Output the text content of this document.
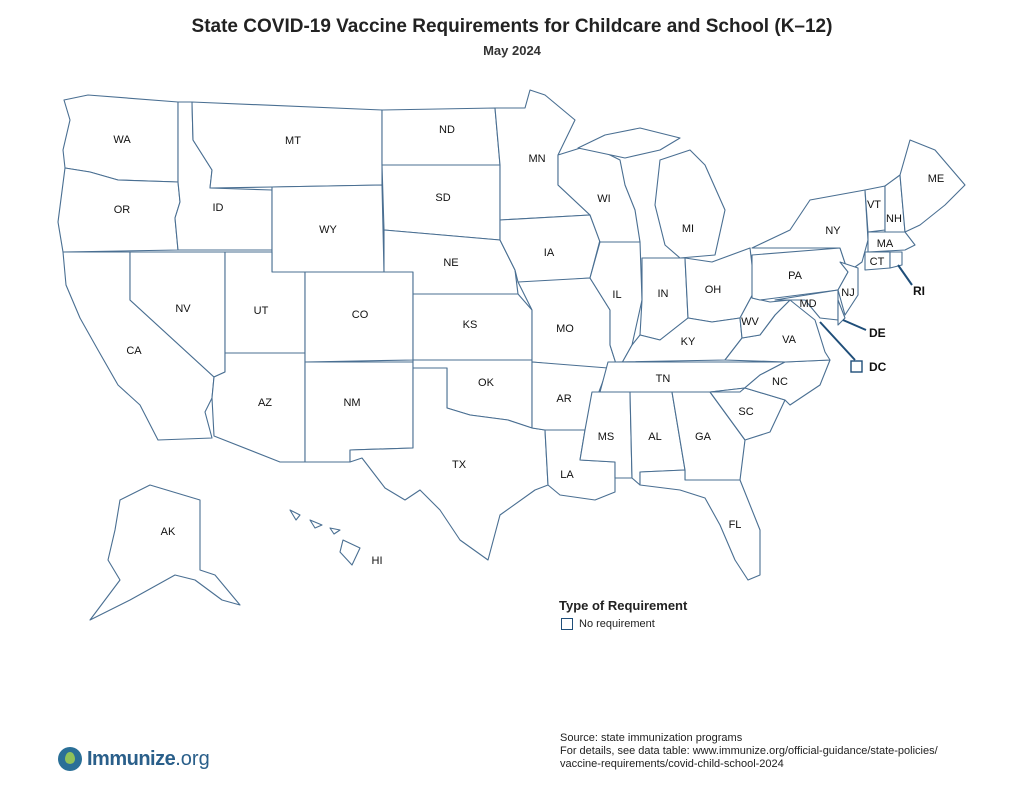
State COVID-19 Vaccine Requirements for Childcare and School (K–12)
May 2024
WA
OR
CA
ID
NV
MT
WY
UT
AZ
CO
NM
ND
SD
NE
KS
OK
TX
MN
IA
MO
AR
LA
WI
IL
MI
IN	OH
KY
TN
MS	AL	GA
FL
SC
NC
VA
WV
PA
NY
VT
NH
ME
MA
CT
NJ
MD
AK
HI
RI
DE
DC
Type of Requirement
No requirement
Source: state immunization programs
For details, see data table: www.immunize.org/official-guidance/state-policies/
vaccine-requirements/covid-child-school-2024
Immunize .org
